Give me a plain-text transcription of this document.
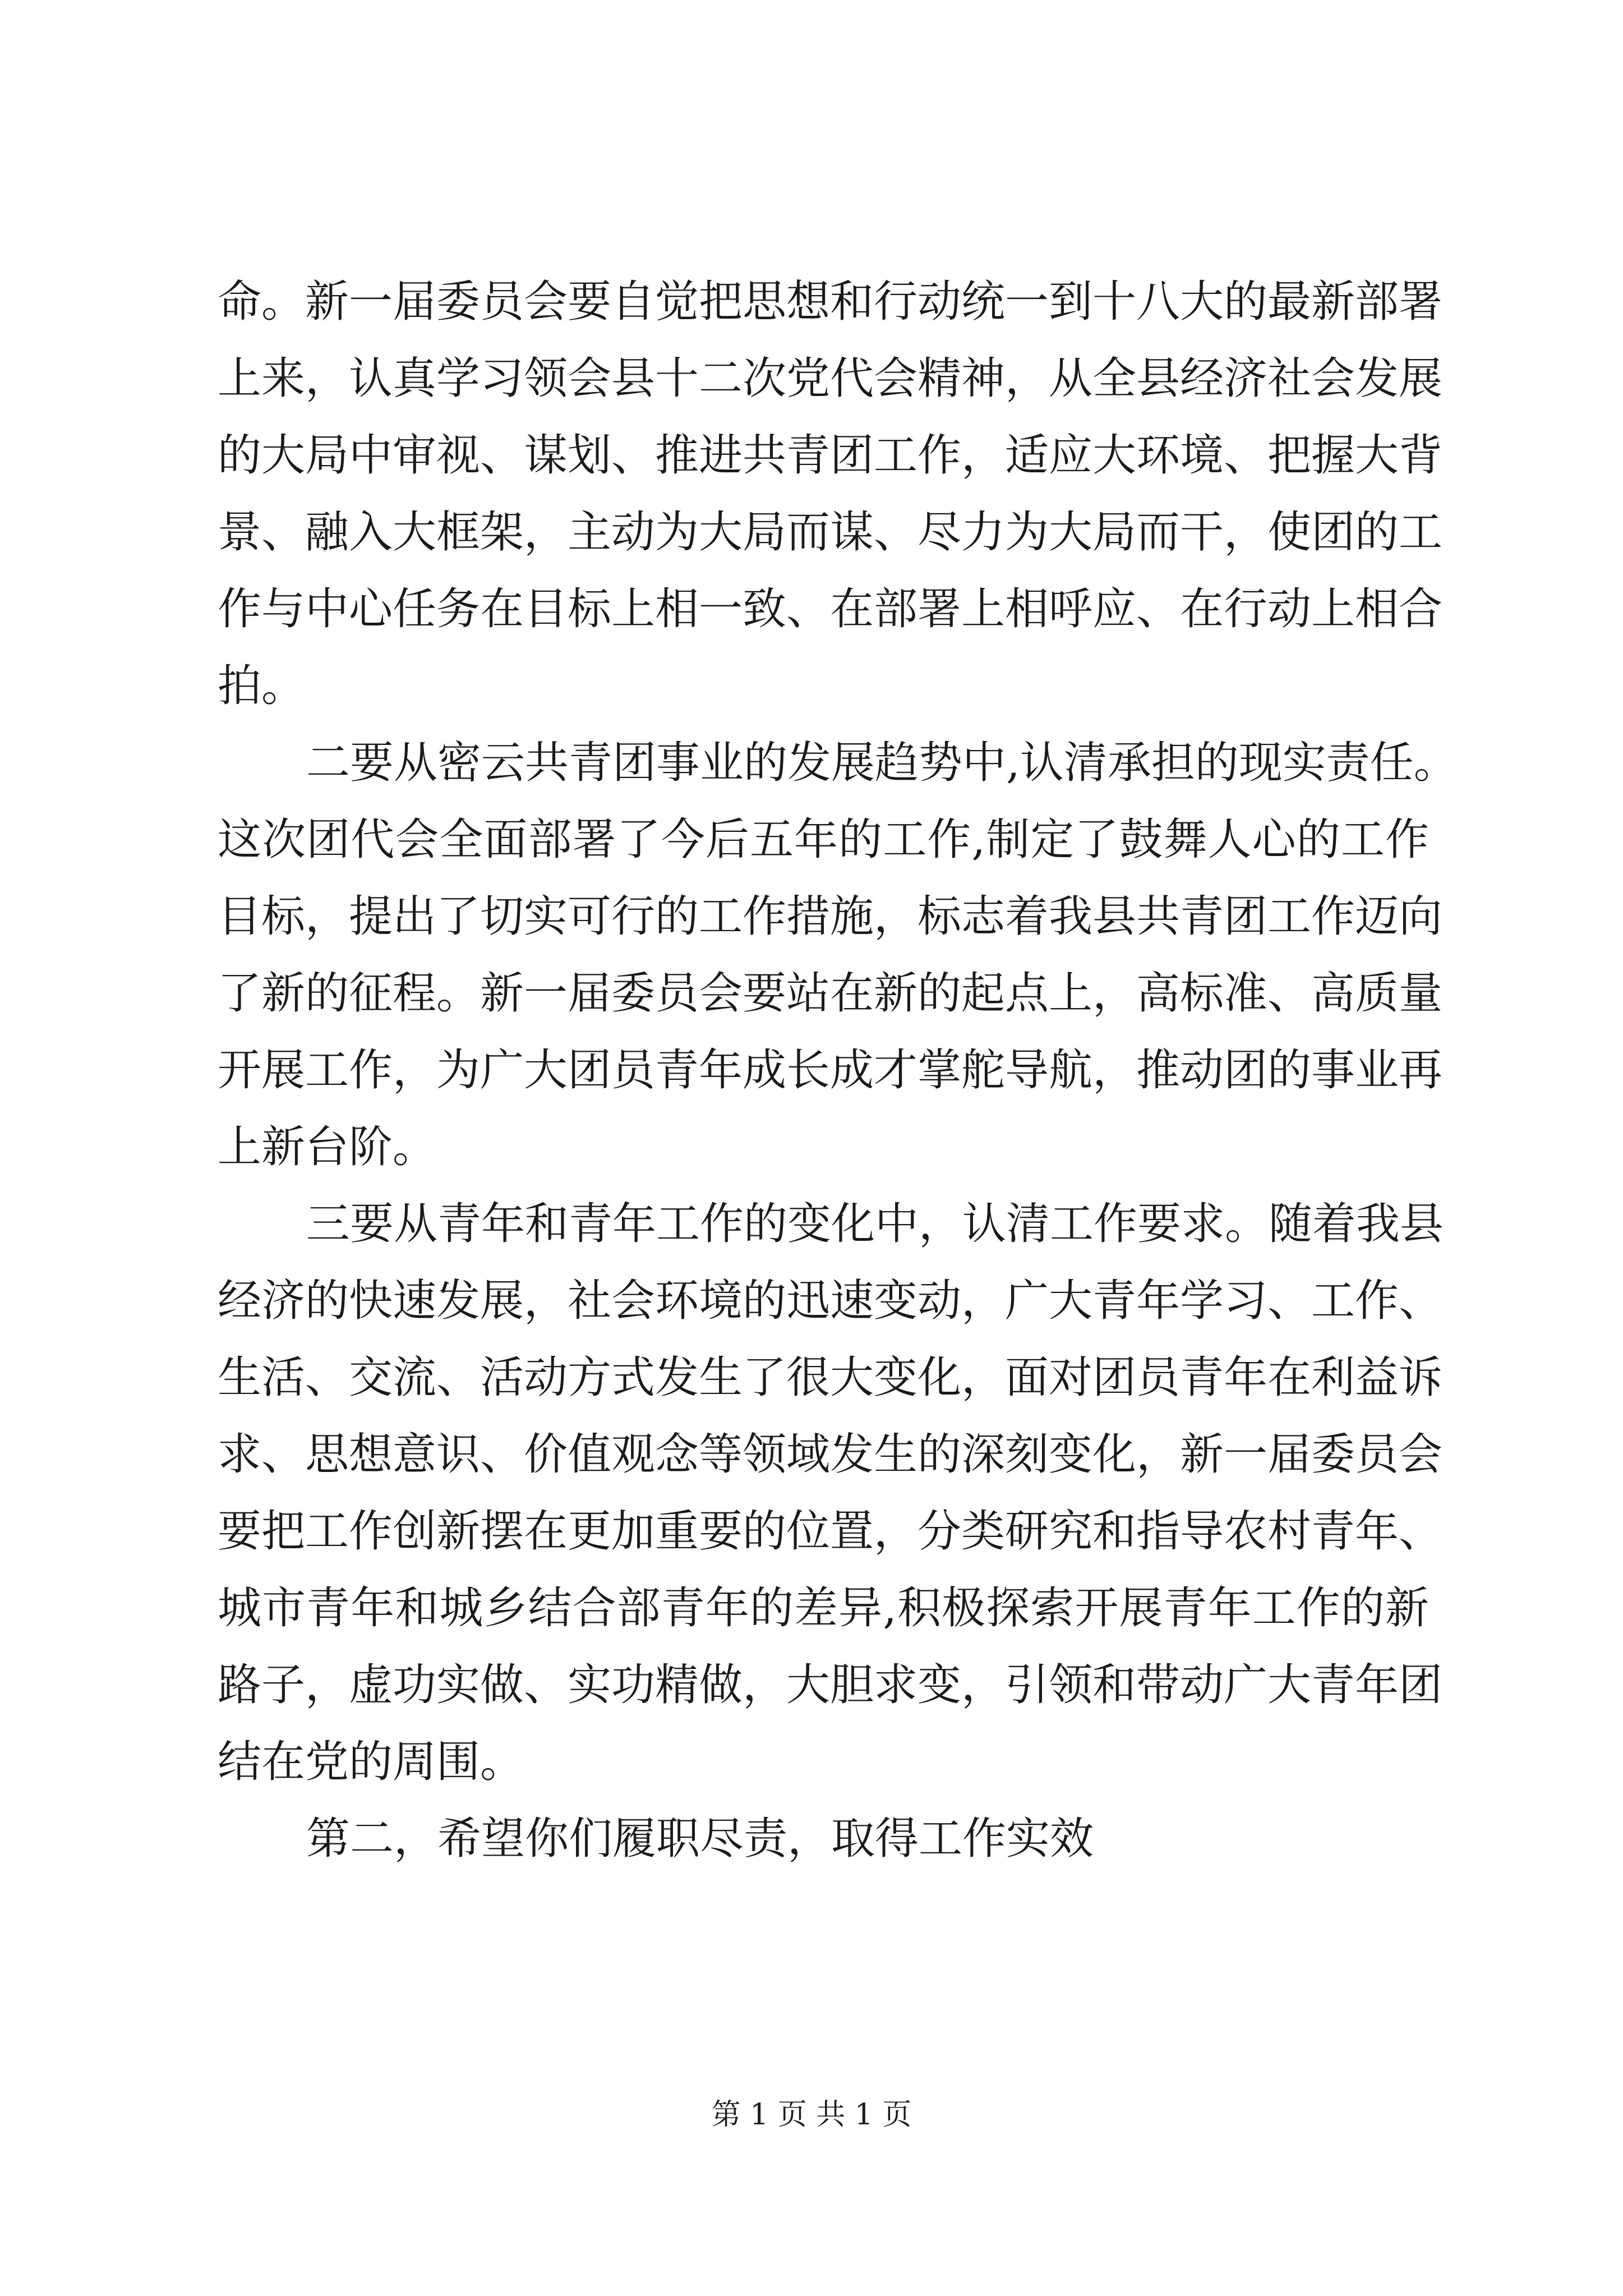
命。新一届委员会要自觉把思想和行动统一到十八大的最新部署
上来，认真学习领会县十二次党代会精神，从全县经济社会发展
的大局中审视、谋划、推进共青团工作，适应大环境、把握大背
景、融入大框架，主动为大局而谋、尽力为大局而干，使团的工
作与中心任务在目标上相一致、在部署上相呼应、在行动上相合
拍。
二要从密云共青团事业的发展趋势中,认清承担的现实责任。
这次团代会全面部署了今后五年的工作,制定了鼓舞人心的工作
目标，提出了切实可行的工作措施，标志着我县共青团工作迈向
了新的征程。新一届委员会要站在新的起点上，高标准、高质量
开展工作，为广大团员青年成长成才掌舵导航，推动团的事业再
上新台阶。
三要从青年和青年工作的变化中，认清工作要求。随着我县
经济的快速发展，社会环境的迅速变动，广大青年学习、工作、
生活、交流、活动方式发生了很大变化，面对团员青年在利益诉
求、思想意识、价值观念等领域发生的深刻变化，新一届委员会
要把工作创新摆在更加重要的位置，分类研究和指导农村青年、
城市青年和城乡结合部青年的差异,积极探索开展青年工作的新
路子，虚功实做、实功精做，大胆求变，引领和带动广大青年团
结在党的周围。
第二，希望你们履职尽责，取得工作实效
第 1 页 共 1 页
